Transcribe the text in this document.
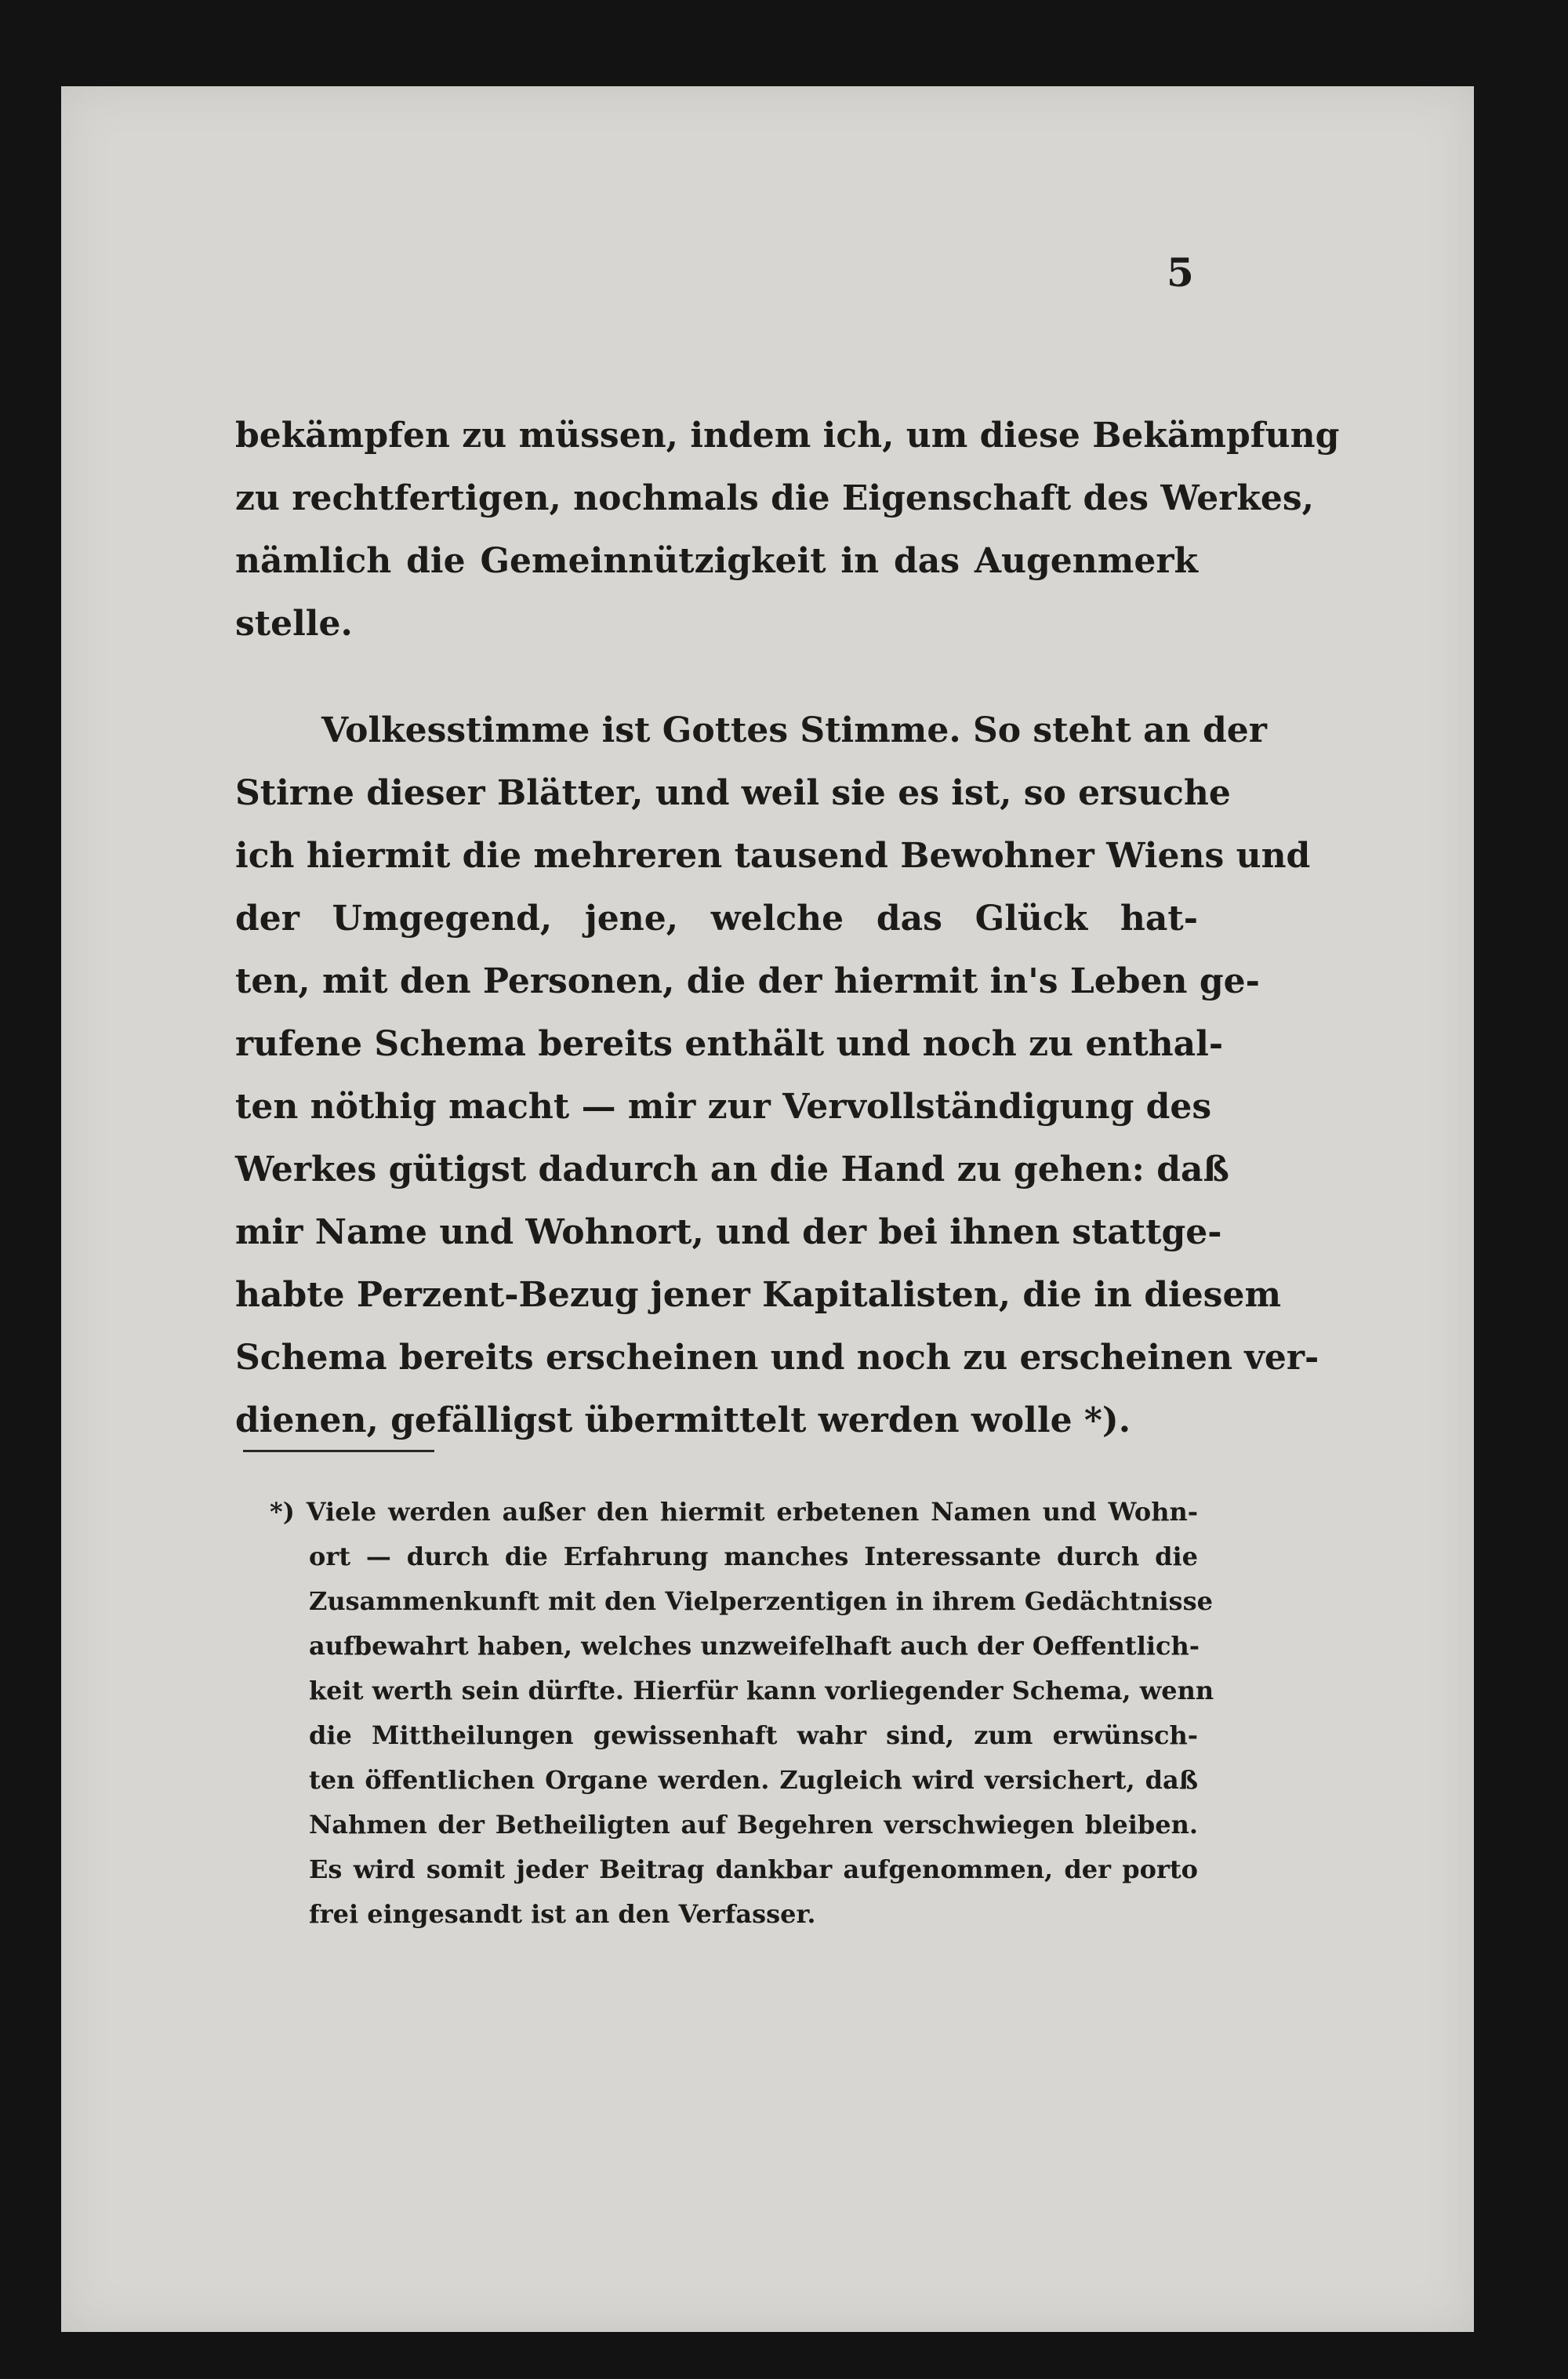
5

bekämpfen zu müssen, indem ich, um diese Bekämpfung
zu rechtfertigen, nochmals die Eigenschaft des Werkes,
nämlich die Gemeinnützigkeit in das Augenmerk
stelle.
Volkesstimme ist Gottes Stimme. So steht an der
Stirne dieser Blätter, und weil sie es ist, so ersuche
ich hiermit die mehreren tausend Bewohner Wiens und
der Umgegend, jene, welche das Glück hat-
ten, mit den Personen, die der hiermit in's Leben ge-
rufene Schema bereits enthält und noch zu enthal-
ten nöthig macht — mir zur Vervollständigung des
Werkes gütigst dadurch an die Hand zu gehen: daß
mir Name und Wohnort, und der bei ihnen stattge-
habte Perzent-Bezug jener Kapitalisten, die in diesem
Schema bereits erscheinen und noch zu erscheinen ver-
dienen, gefälligst übermittelt werden wolle *).
*) Viele werden außer den hiermit erbetenen Namen und Wohn-
ort — durch die Erfahrung manches Interessante durch die
Zusammenkunft mit den Vielperzentigen in ihrem Gedächtnisse
aufbewahrt haben, welches unzweifelhaft auch der Oeffentlich-
keit werth sein dürfte. Hierfür kann vorliegender Schema, wenn
die Mittheilungen gewissenhaft wahr sind, zum erwünsch-
ten öffentlichen Organe werden. Zugleich wird versichert, daß
Nahmen der Betheiligten auf Begehren verschwiegen bleiben.
Es wird somit jeder Beitrag dankbar aufgenommen, der porto
frei eingesandt ist an den Verfasser.
